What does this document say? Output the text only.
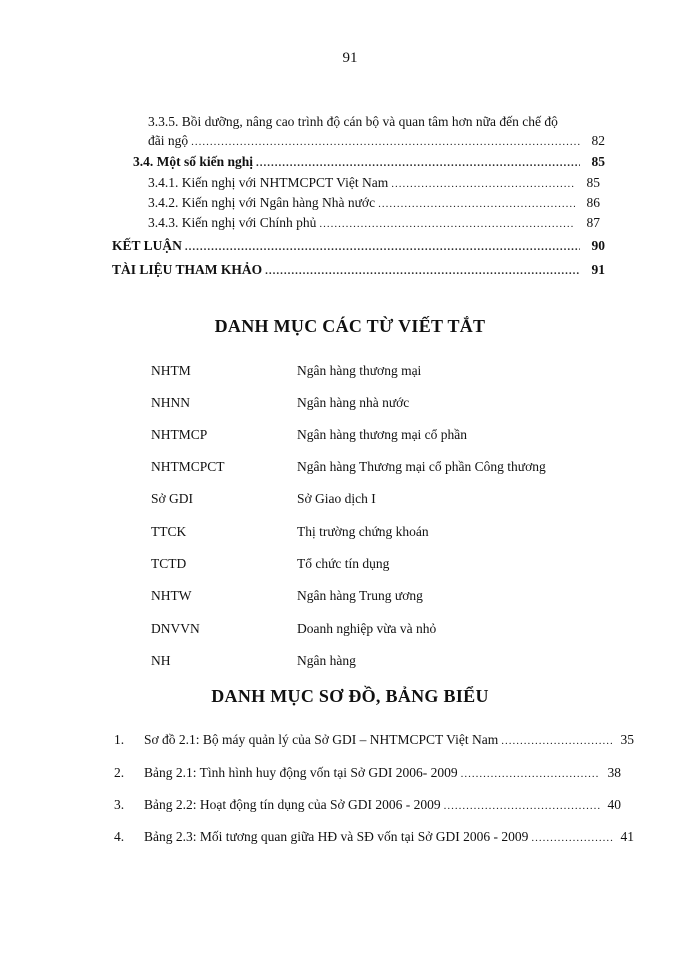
91
3.3.5. Bồi dưỡng, nâng cao trình độ cán bộ và quan tâm hơn nữa đến chế độ
đãi ngộ .....	82
3.4. Một số kiến nghị .....	85
3.4.1. Kiến nghị với NHTMCPCT Việt Nam .....	85
3.4.2. Kiến nghị với Ngân hàng Nhà nước .....	86
3.4.3. Kiến nghị với Chính phủ .....	87
KẾT LUẬN .....	90
TÀI LIỆU THAM KHẢO .....	91
DANH MỤC CÁC TỪ VIẾT TẮT
NHTM	Ngân hàng thương mại
NHNN	Ngân hàng nhà nước
NHTMCP	Ngân hàng thương mại cổ phần
NHTMCPCT	Ngân hàng Thương mại cổ phần Công thương
Sở GDI	Sở Giao dịch I
TTCK	Thị trường chứng khoán
TCTD	Tổ chức tín dụng
NHTW	Ngân hàng Trung ương
DNVVN	Doanh nghiệp vừa và nhỏ
NH	Ngân hàng
DANH MỤC SƠ ĐỒ, BẢNG BIỂU
1.	Sơ đồ 2.1: Bộ máy quản lý của Sở GDI – NHTMCPCT Việt Nam .....	35
2.	Bảng 2.1: Tình hình huy động vốn tại Sở GDI 2006- 2009 .....	38
3.	Bảng 2.2: Hoạt động tín dụng của Sở GDI 2006 - 2009 .....	40
4.	Bảng 2.3: Mối tương quan giữa HĐ và SĐ vốn tại Sở GDI 2006 - 2009 .....	41
